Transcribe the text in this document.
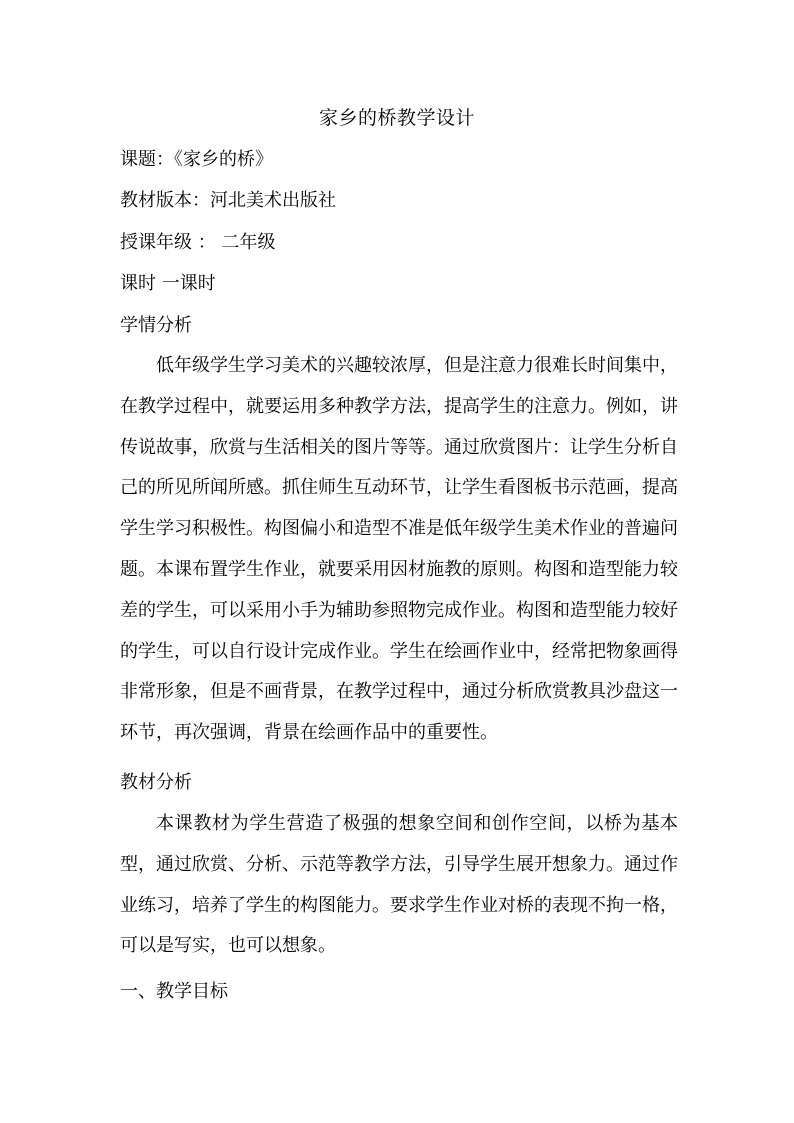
家乡的桥教学设计
课题：《家乡的桥》
教材版本：河北美术出版社
授课年级 ： 二年级
课时 一课时
学情分析

低年级学生学习美术的兴趣较浓厚，但是注意力很难长时间集中，在教学过程中，就要运用多种教学方法，提高学生的注意力。例如，讲传说故事，欣赏与生活相关的图片等等。通过欣赏图片：让学生分析自己的所见所闻所感。抓住师生互动环节，让学生看图板书示范画，提高学生学习积极性。构图偏小和造型不准是低年级学生美术作业的普遍问题。本课布置学生作业，就要采用因材施教的原则。构图和造型能力较差的学生，可以采用小手为辅助参照物完成作业。构图和造型能力较好的学生，可以自行设计完成作业。学生在绘画作业中，经常把物象画得非常形象，但是不画背景，在教学过程中，通过分析欣赏教具沙盘这一环节，再次强调，背景在绘画作品中的重要性。

教材分析

本课教材为学生营造了极强的想象空间和创作空间，以桥为基本型，通过欣赏、分析、示范等教学方法，引导学生展开想象力。通过作业练习，培养了学生的构图能力。要求学生作业对桥的表现不拘一格，可以是写实，也可以想象。

一、教学目标
